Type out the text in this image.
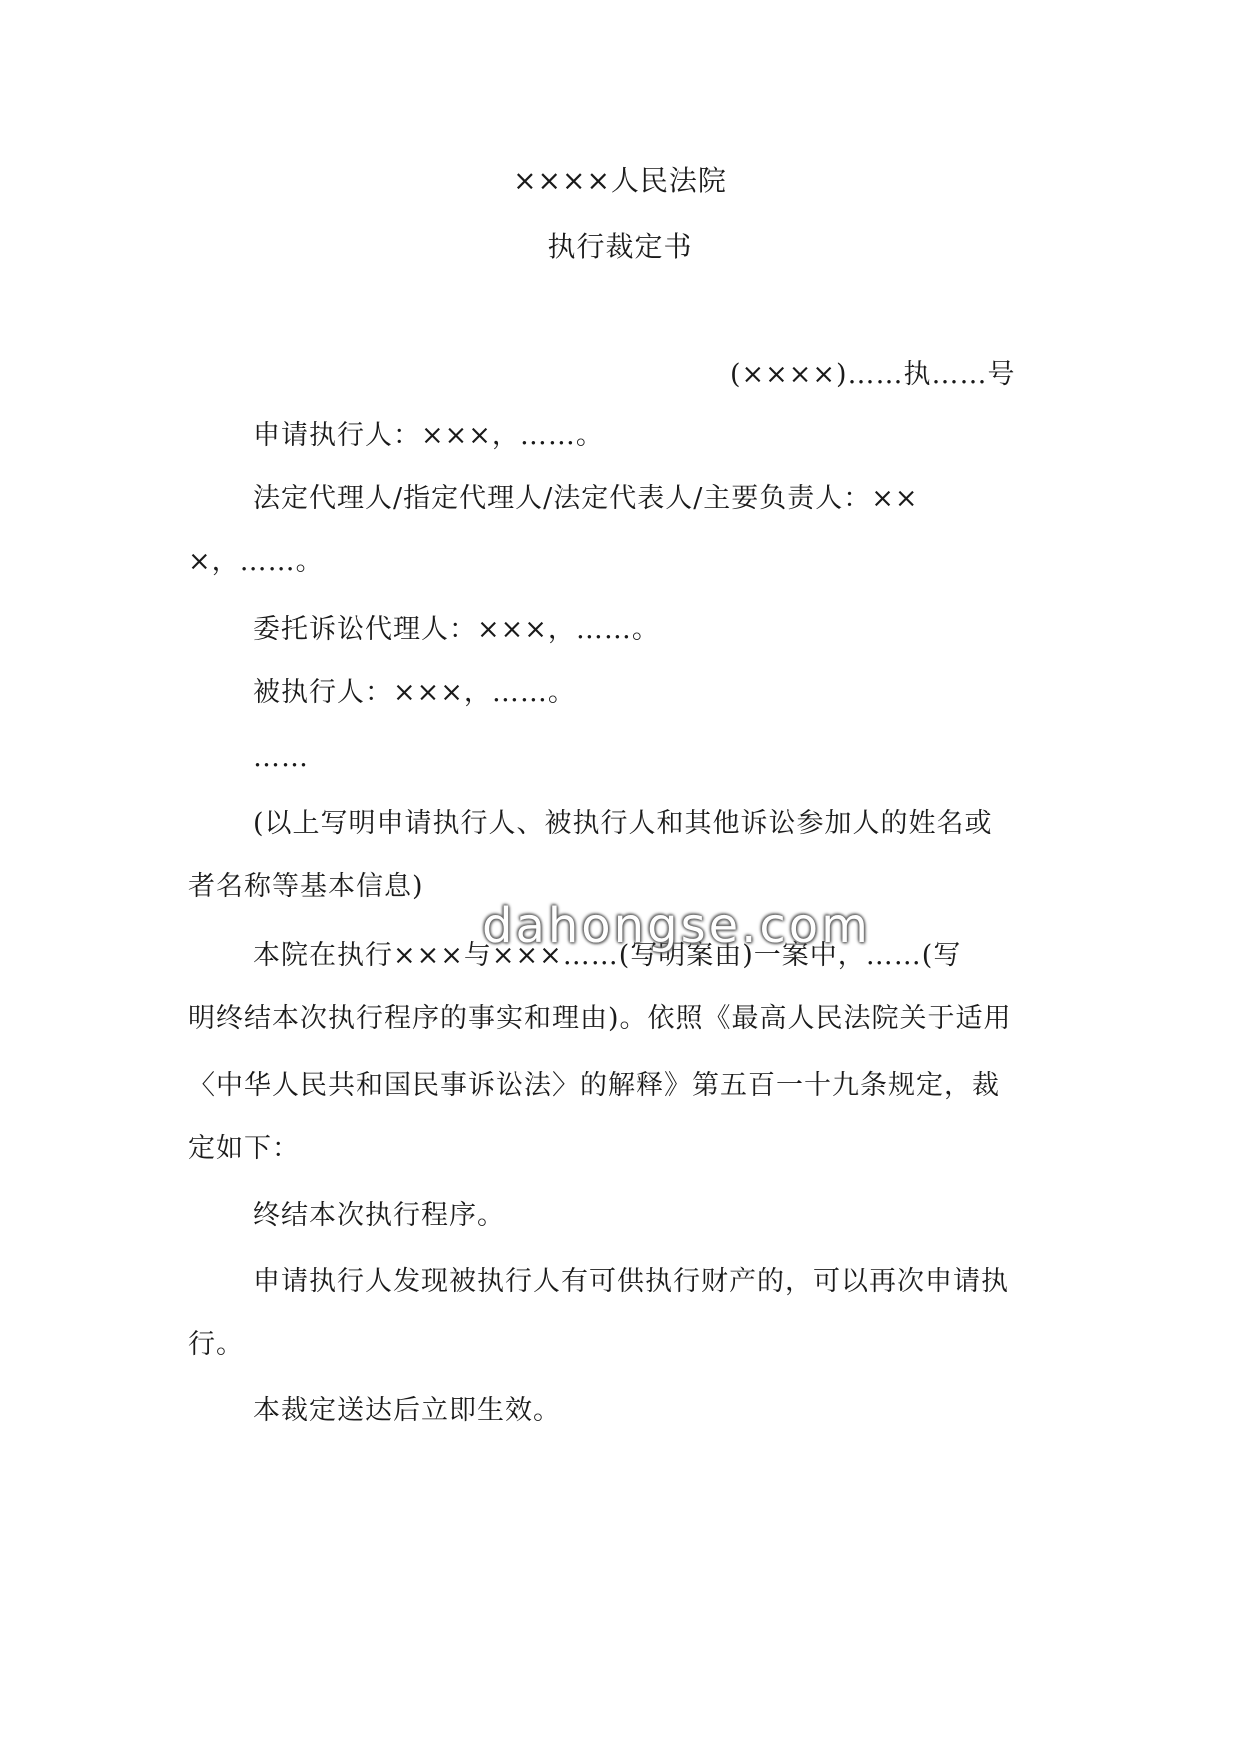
××××人民法院
执行裁定书
(××××)……执……号
申请执行人：×××，……。
法定代理人/指定代理人/法定代表人/主要负责人：××
×，……。
委托诉讼代理人：×××，……。
被执行人：×××，……。
……
(以上写明申请执行人、被执行人和其他诉讼参加人的姓名或
者名称等基本信息)
本院在执行×××与×××……(写明案由)一案中，……(写
明终结本次执行程序的事实和理由)。依照《最高人民法院关于适用
〈中华人民共和国民事诉讼法〉的解释》第五百一十九条规定，裁
定如下：
终结本次执行程序。
申请执行人发现被执行人有可供执行财产的，可以再次申请执
行。
本裁定送达后立即生效。
dahongse.com
